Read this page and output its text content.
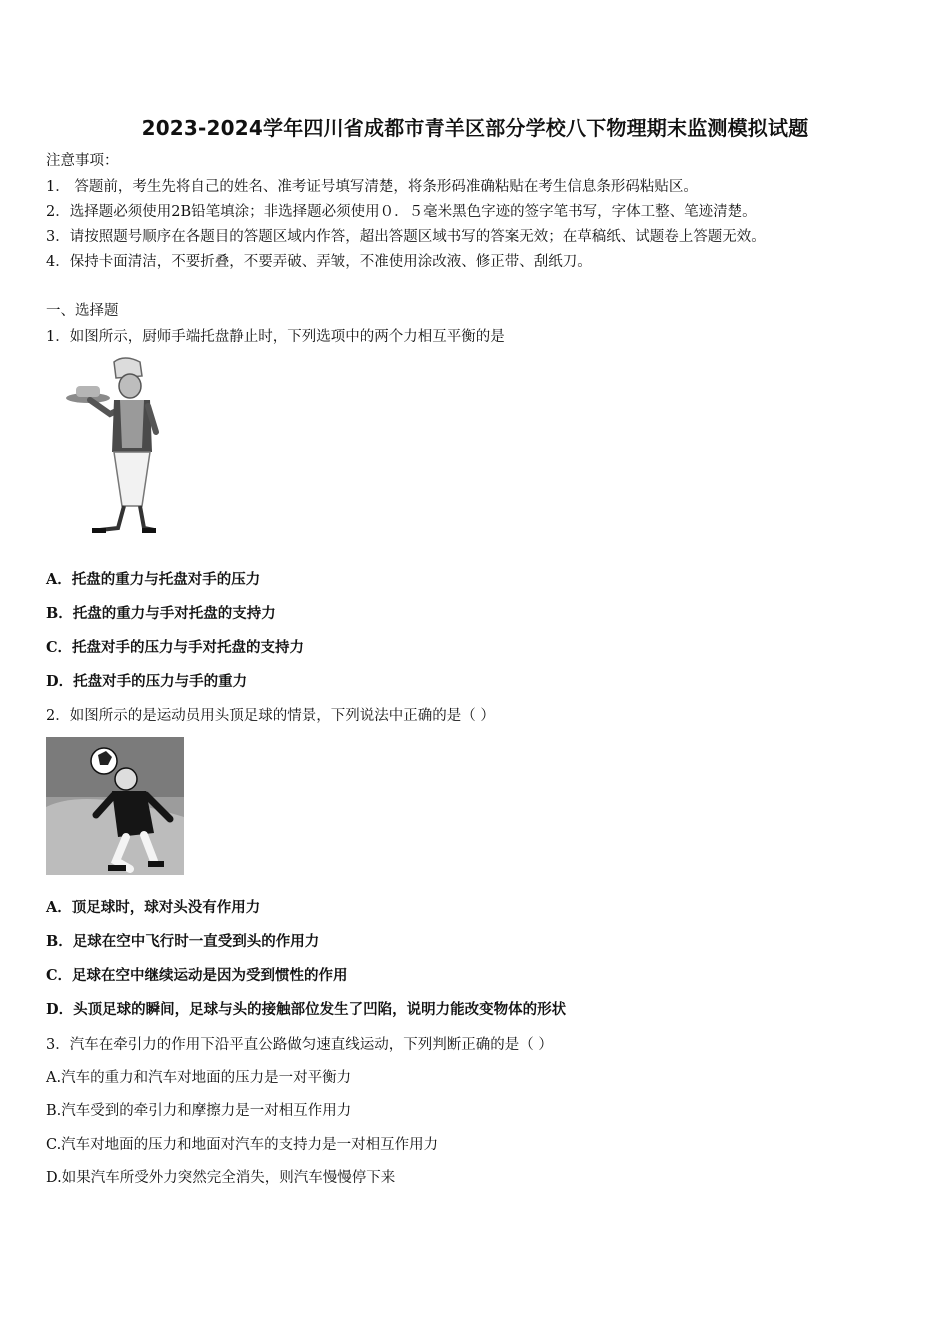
2023-2024学年四川省成都市青羊区部分学校八下物理期末监测模拟试题
注意事项：
1． 答题前，考生先将自己的姓名、准考证号填写清楚，将条形码准确粘贴在考生信息条形码粘贴区。
2．选择题必须使用2B铅笔填涂；非选择题必须使用０．５毫米黑色字迹的签字笔书写，字体工整、笔迹清楚。
3．请按照题号顺序在各题目的答题区域内作答，超出答题区域书写的答案无效；在草稿纸、试题卷上答题无效。
4．保持卡面清洁，不要折叠，不要弄破、弄皱，不准使用涂改液、修正带、刮纸刀。
一、选择题
1．如图所示，厨师手端托盘静止时，下列选项中的两个力相互平衡的是
A．托盘的重力与托盘对手的压力
B．托盘的重力与手对托盘的支持力
C．托盘对手的压力与手对托盘的支持力
D．托盘对手的压力与手的重力
2．如图所示的是运动员用头顶足球的情景，下列说法中正确的是（ ）
A．顶足球时，球对头没有作用力
B．足球在空中飞行时一直受到头的作用力
C．足球在空中继续运动是因为受到惯性的作用
D．头顶足球的瞬间，足球与头的接触部位发生了凹陷，说明力能改变物体的形状
3．汽车在牵引力的作用下沿平直公路做匀速直线运动，下列判断正确的是（ ）
A.汽车的重力和汽车对地面的压力是一对平衡力
B.汽车受到的牵引力和摩擦力是一对相互作用力
C.汽车对地面的压力和地面对汽车的支持力是一对相互作用力
D.如果汽车所受外力突然完全消失，则汽车慢慢停下来
